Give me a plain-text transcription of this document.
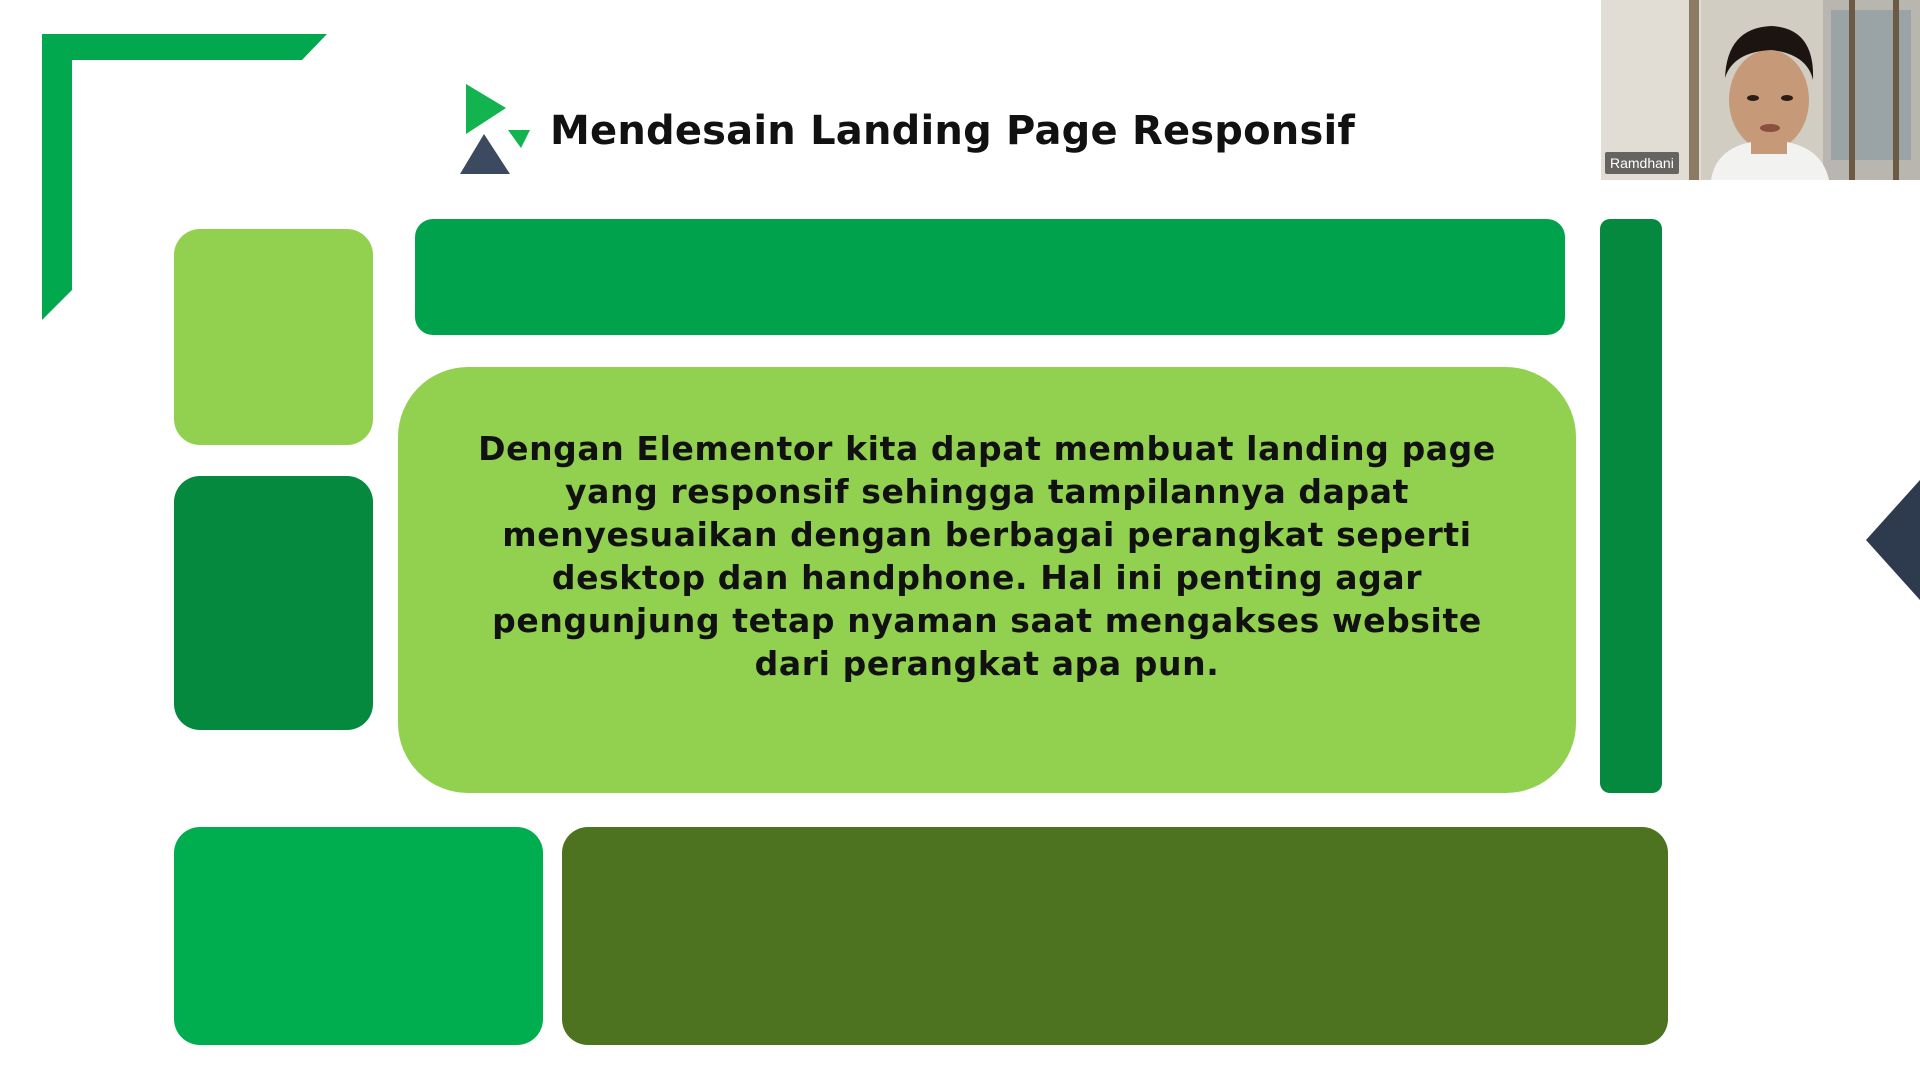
Mendesain Landing Page Responsif
Dengan Elementor kita dapat membuat landing page yang responsif sehingga tampilannya dapat menyesuaikan dengan berbagai perangkat seperti desktop dan handphone. Hal ini penting agar pengunjung tetap nyaman saat mengakses website dari perangkat apa pun.
Ramdhani
